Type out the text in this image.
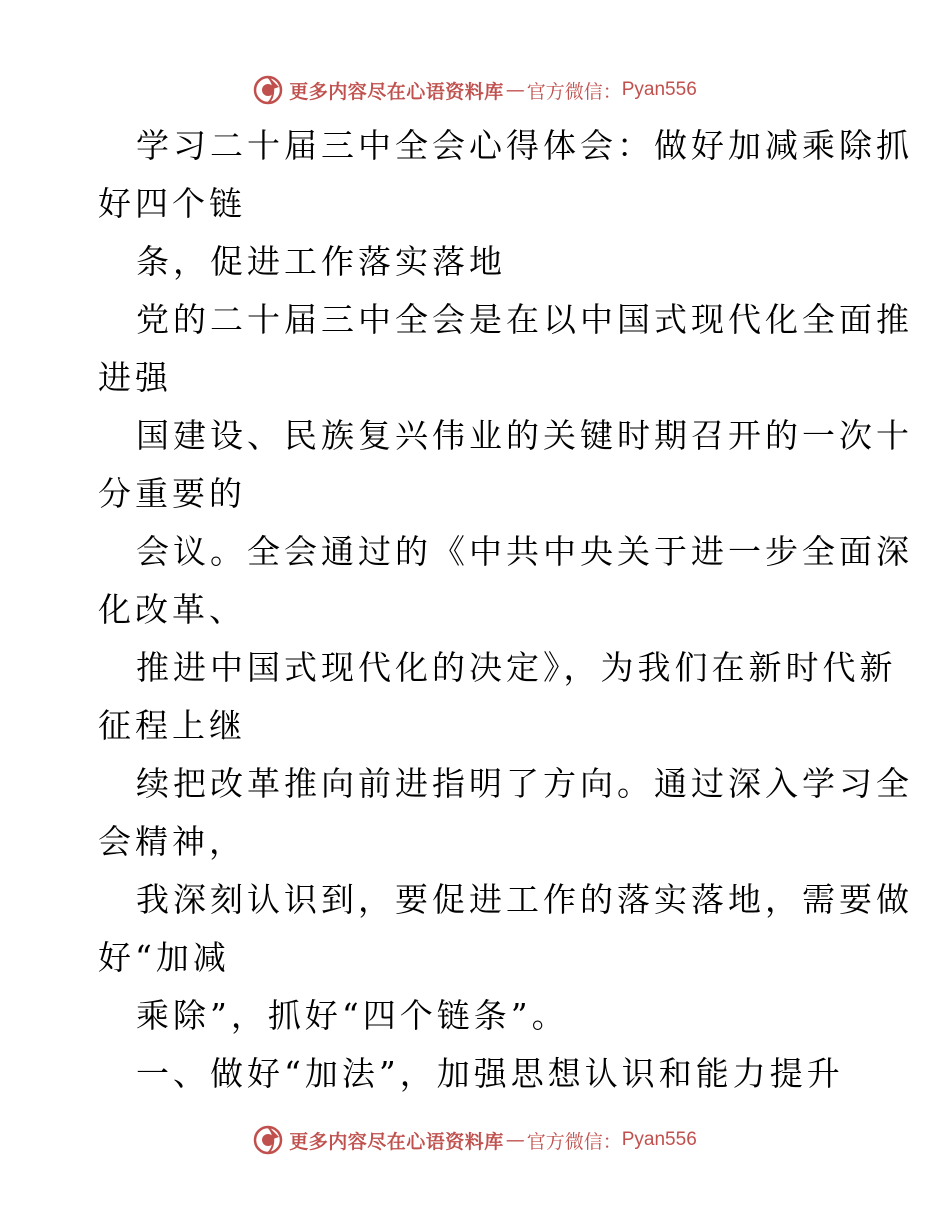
更多内容尽在心语资料库 — 官方微信： Pyan556
学习二十届三中全会心得体会：做好加减乘除抓
好四个链
条，促进工作落实落地
党的二十届三中全会是在以中国式现代化全面推
进强
国建设、民族复兴伟业的关键时期召开的一次十
分重要的
会议。全会通过的《中共中央关于进一步全面深
化改革、
推进中国式现代化的决定》，为我们在新时代新
征程上继
续把改革推向前进指明了方向。通过深入学习全
会精神，
我深刻认识到，要促进工作的落实落地，需要做
好“加减
乘除”，抓好“四个链条”。
一、做好“加法”，加强思想认识和能力提升
更多内容尽在心语资料库 — 官方微信： Pyan556
